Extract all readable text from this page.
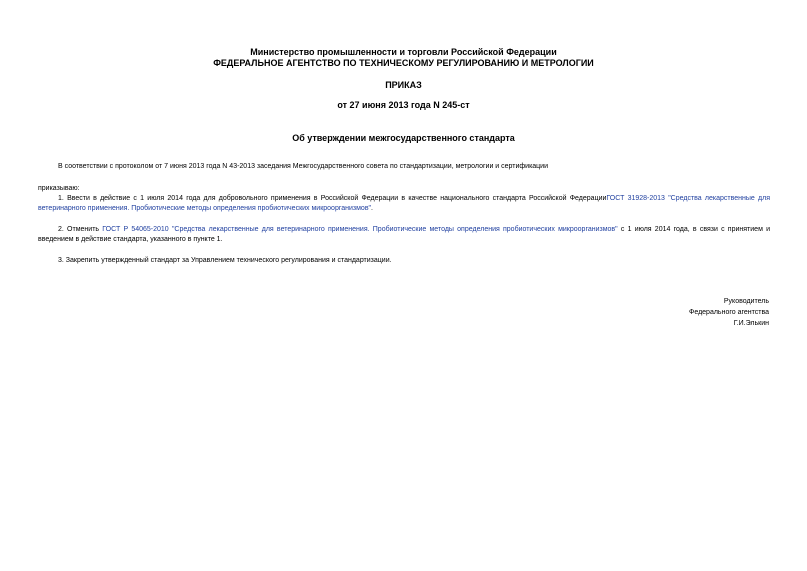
Министерство промышленности и торговли Российской Федерации
ФЕДЕРАЛЬНОЕ АГЕНТСТВО ПО ТЕХНИЧЕСКОМУ РЕГУЛИРОВАНИЮ И МЕТРОЛОГИИ
ПРИКАЗ
от 27 июня 2013 года N 245-ст
Об утверждении межгосударственного стандарта
В соответствии с протоколом от 7 июня 2013 года N 43-2013 заседания Межгосударственного совета по стандартизации, метрологии и сертификации
приказываю:
1. Ввести в действие с 1 июля 2014 года для добровольного применения в Российской Федерации в качестве национального стандарта Российской ФедерацииГОСТ 31928-2013 "Средства лекарственные для ветеринарного применения. Пробиотические методы определения пробиотических микроорганизмов".
2. Отменить ГОСТ Р 54065-2010 "Средства лекарственные для ветеринарного применения. Пробиотические методы определения пробиотических микроорганизмов" с 1 июля 2014 года, в связи с принятием и введением в действие стандарта, указанного в пункте 1.
3. Закрепить утвержденный стандарт за Управлением технического регулирования и стандартизации.
Руководитель
Федерального агентства
Г.И.Элькин
